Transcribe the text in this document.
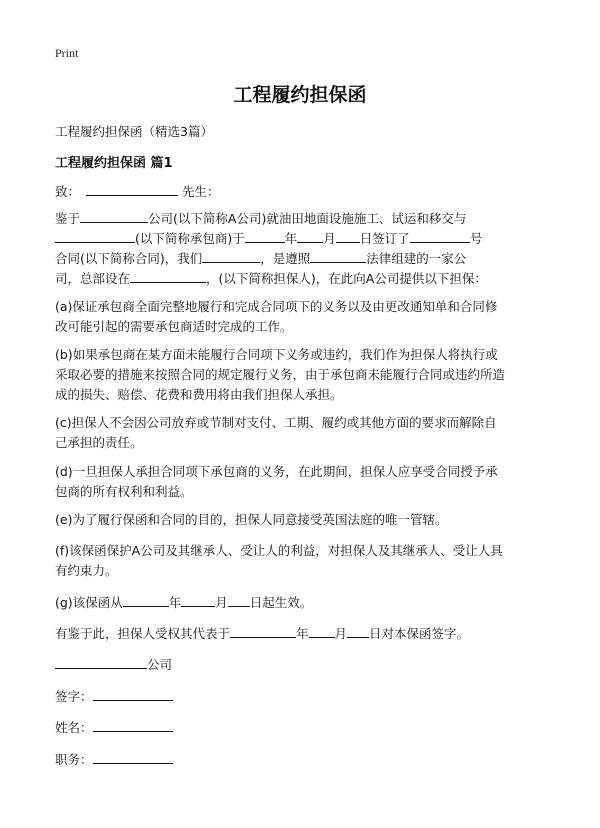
Print
工程履约担保函
工程履约担保函（精选3篇）
工程履约担保函 篇1
致：	先生：
鉴于	公司(以下简称A公司)就油田地面设施施工、试运和移交与
(以下简称承包商)于	年 月 日签订了	号
合同(以下简称合同)，我们	，是遵照	法律组建的一家公
司，总部设在	，(以下简称担保人)，在此向A公司提供以下担保：
(a)保证承包商全面完整地履行和完成合同项下的义务以及由更改通知单和合同修
改可能引起的需要承包商适时完成的工作。
(b)如果承包商在某方面未能履行合同项下义务或违约，我们作为担保人将执行或
采取必要的措施来按照合同的规定履行义务，由于承包商未能履行合同或违约所造
成的损失、赔偿、花费和费用将由我们担保人承担。
(c)担保人不会因公司放弃或节制对支付、工期、履约或其他方面的要求而解除自
己承担的责任。
(d)一旦担保人承担合同项下承包商的义务，在此期间，担保人应享受合同授予承
包商的所有权利和利益。
(e)为了履行保函和合同的目的，担保人同意接受英国法庭的唯一管辖。
(f)该保函保护A公司及其继承人、受让人的利益，对担保人及其继承人、受让人具
有约束力。
(g)该保函从	年	月 日起生效。
有鉴于此，担保人受权其代表于	年 月 日对本保函签字。
公司
签字：
姓名：
职务：
